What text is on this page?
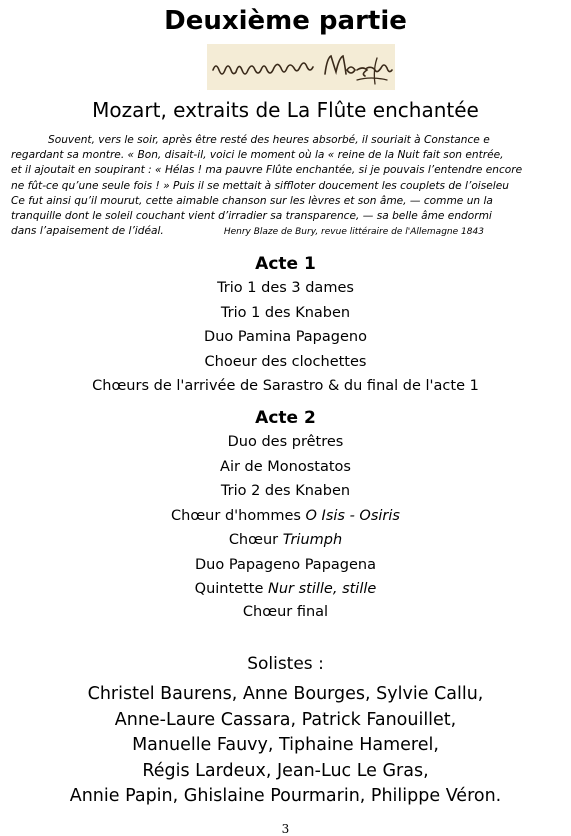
Deuxième partie
Mozart, extraits de La Flûte enchantée
Souvent, vers le soir, après être resté des heures absorbé, il souriait à Constance e
regardant sa montre. « Bon, disait-il, voici le moment où la « reine de la Nuit fait son entrée,
et il ajoutait en soupirant : « Hélas ! ma pauvre Flûte enchantée, si je pouvais l’entendre encore
ne fût-ce qu’une seule fois ! » Puis il se mettait à siffloter doucement les couplets de l’oiseleu
Ce fut ainsi qu’il mourut, cette aimable chanson sur les lèvres et son âme, — comme un la
tranquille dont le soleil couchant vient d’irradier sa transparence, — sa belle âme endormi
dans l’apaisement de l’idéal.	Henry Blaze de Bury, revue littéraire de l'Allemagne 1843
Acte 1
Trio 1 des 3 dames
Trio 1 des Knaben
Duo Pamina Papageno
Choeur des clochettes
Chœurs de l'arrivée de Sarastro & du final de l'acte 1
Acte 2
Duo des prêtres
Air de Monostatos
Trio 2 des Knaben
Chœur d'hommes O Isis - Osiris
Chœur Triumph
Duo Papageno Papagena
Quintette Nur stille, stille
Chœur final
Solistes :
Christel Baurens, Anne Bourges, Sylvie Callu,
Anne-Laure Cassara, Patrick Fanouillet,
Manuelle Fauvy, Tiphaine Hamerel,
Régis Lardeux, Jean-Luc Le Gras,
Annie Papin, Ghislaine Pourmarin, Philippe Véron.
3
